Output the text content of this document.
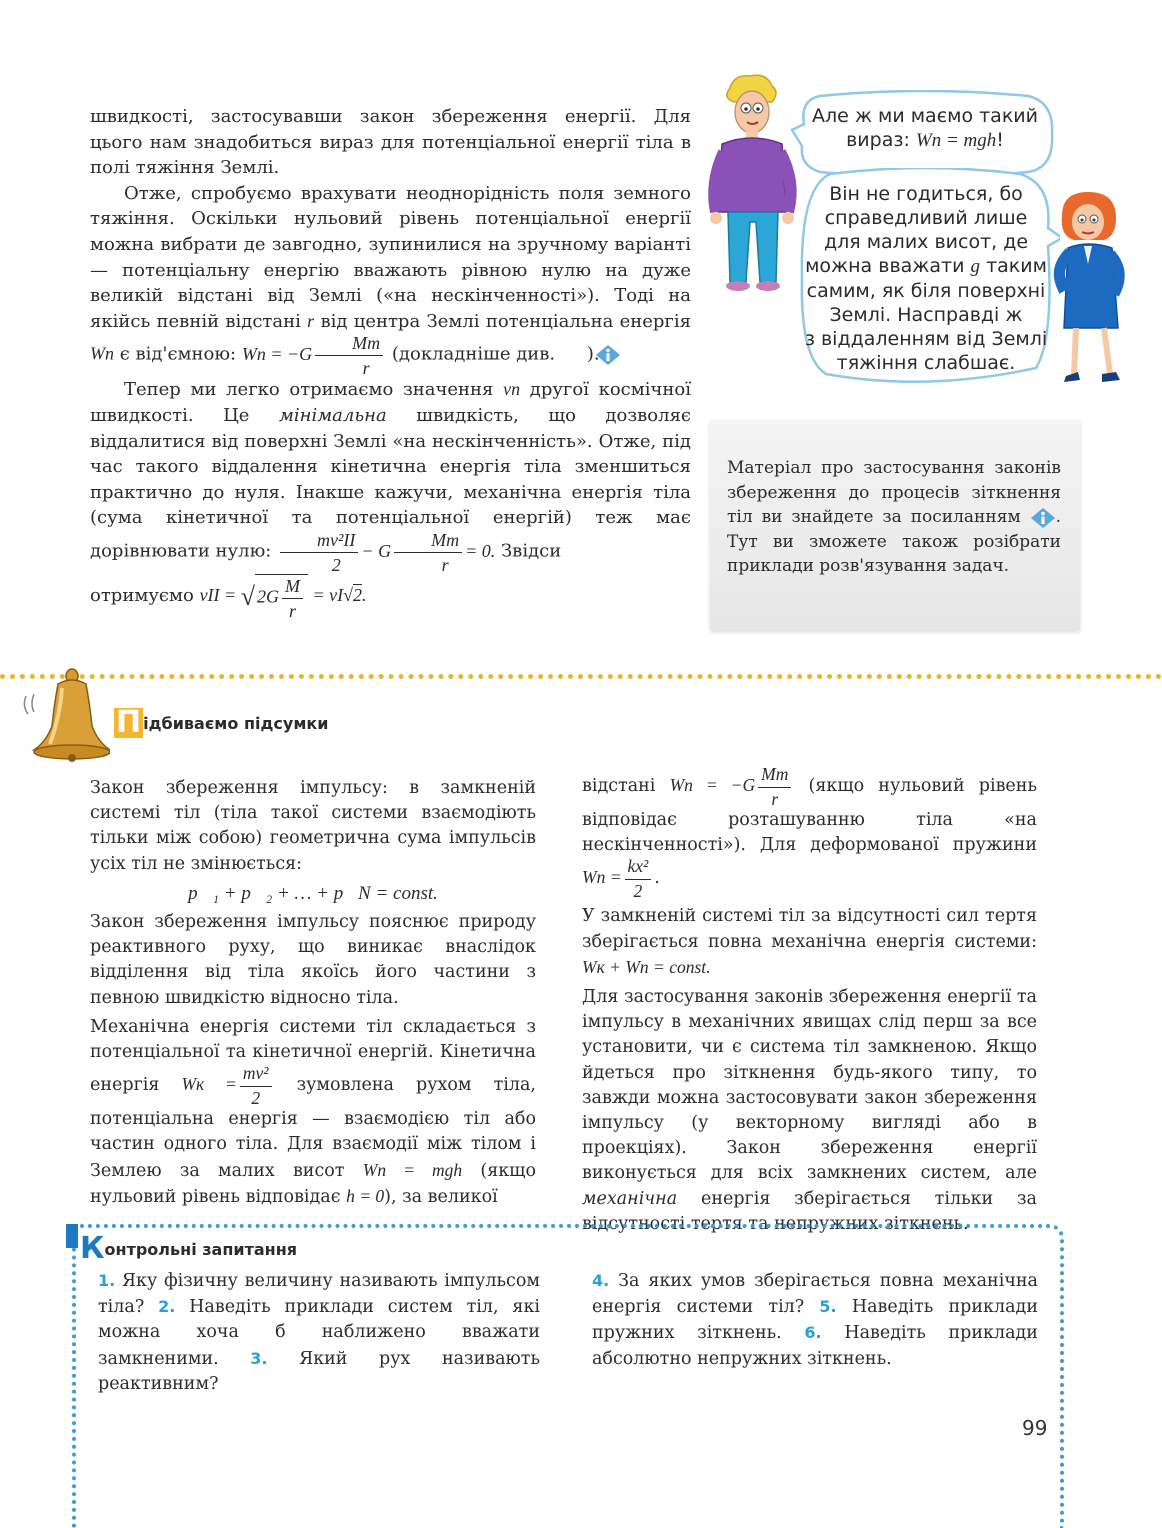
швидкості, застосувавши закон збереження енергії. Для цього нам знадобиться вираз для потенціальної енергії тіла в полі тяжіння Землі.

Отже, спробуємо врахувати неоднорідність поля земного тяжіння. Оскільки нульовий рівень потенціальної енергії можна вибрати де завгодно, зупинилися на зручному варіанті — потенціальну енергію вважають рівною нулю на дуже великій відстані від Землі («на нескінченності»). Тоді на якійсь певній відстані r від центра Землі потенціальна енергія Wп є від'ємною: Wп = $-G \frac{Mm}{r}$ (докладніше див. ).

Тепер ми легко отримаємо значення vп другої космічної швидкості. Це мінімальна швидкість, що дозволяє віддалитися від поверхні Землі «на нескінченність». Отже, під час такого віддалення кінетична енергія тіла зменшиться практично до нуля. Інакше кажучи, механічна енергія тіла (сума кінетичної та потенціальної енергій) теж має дорівнювати нулю: $\frac{\text{mv²II}}{2} - G \frac{Mm}{r} = 0$. Звідси

отримуємо vII = √ $2G \frac{M}{r} = vI√2$.

Але ж ми маємо такий
вираз: Wп = mgh!
Він не годиться, бо
справедливий лише
для малих висот, де
можна вважати g таким
самим, як біля поверхні
Землі. Насправді ж
з віддаленням від Землі
тяжіння слабшає.
Матеріал про застосування законів збереження до процесів зіткнення тіл ви знайдете за посиланням . Тут ви зможете також розібрати приклади розв'язування задач.
П ідбиваємо підсумки

Закон збереження імпульсу: в замкненій системі тіл (тіла такої системи взаємодіють тільки між собою) геометрична сума імпульсів усіх тіл не змінюється:

p⃗₁ + p⃗₂ + … + p⃗N = const.

Закон збереження імпульсу пояснює природу реактивного руху, що виникає внаслідок відділення від тіла якоїсь його частини з певною швидкістю відносно тіла.

Механічна енергія системи тіл складається з потенціальної та кінетичної енергій. Кінетична енергія Wк = $\frac{\text{mv²}}{2}$ зумовлена рухом тіла, потенціальна енергія — взаємодією тіл або частин одного тіла. Для взаємодії між тілом і Землею за малих висот Wп = mgh (якщо нульовий рівень відповідає h = 0), за великої

відстані Wп = $-G \frac{Mm}{r}$ (якщо нульовий рівень відповідає розташуванню тіла «на нескінченності»). Для деформованої пружини Wп = $\frac{\text{kx²}}{2}$ .

У замкненій системі тіл за відсутності сил тертя зберігається повна механічна енергія системи: Wк + Wп = const.

Для застосування законів збереження енергії та імпульсу в механічних явищах слід перш за все установити, чи є система тіл замкненою. Якщо йдеться про зіткнення будь-якого типу, то завжди можна застосовувати закон збереження імпульсу (у векторному вигляді або в проекціях). Закон збереження енергії виконується для всіх замкнених систем, але механічна енергія зберігається тільки за відсутності тертя та непружних зіткнень.

Контрольні запитання
1. Яку фізичну величину називають імпульсом тіла? 2. Наведіть приклади систем тіл, які можна хоча б наближено вважати замкненими. 3. Який рух називають реактивним?
4. За яких умов зберігається повна механічна енергія системи тіл? 5. Наведіть приклади пружних зіткнень. 6. Наведіть приклади абсолютно непружних зіткнень.
99
